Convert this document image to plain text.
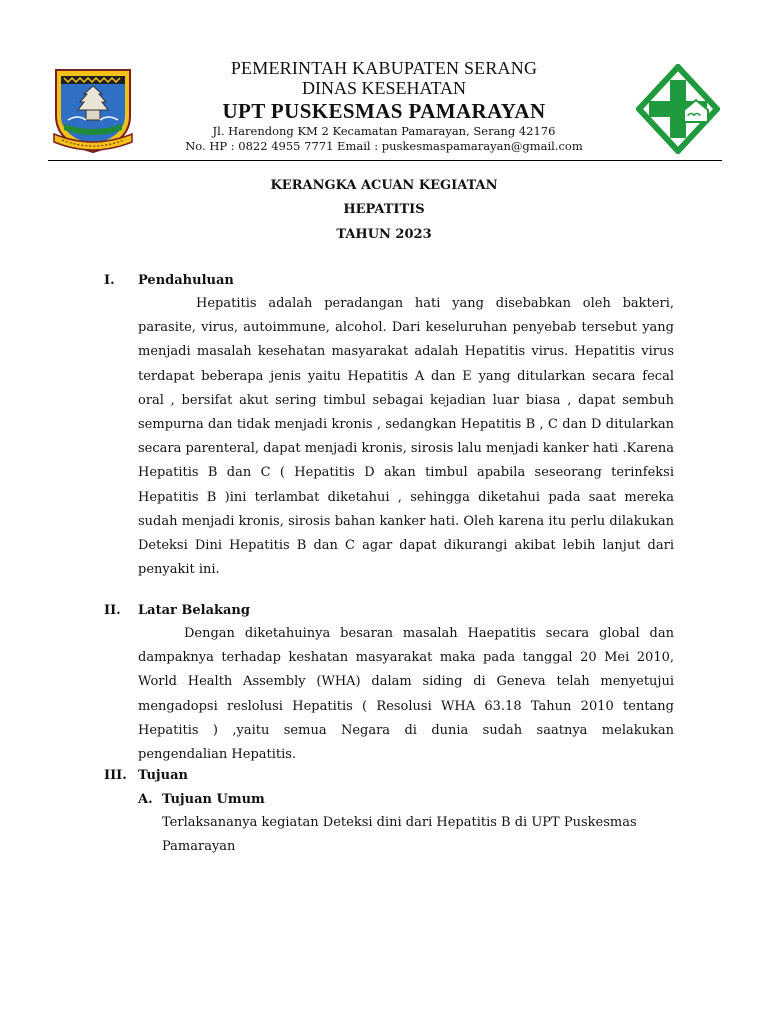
PEMERINTAH KABUPATEN SERANG
DINAS KESEHATAN
UPT PUSKESMAS PAMARAYAN
Jl. Harendong KM 2 Kecamatan Pamarayan, Serang 42176
No. HP : 0822 4955 7771 Email : puskesmaspamarayan@gmail.com
KERANGKA ACUAN KEGIATAN
HEPATITIS
TAHUN 2023
I. Pendahuluan

Hepatitis adalah peradangan hati yang disebabkan oleh bakteri, parasite, virus, autoimmune, alcohol. Dari keseluruhan penyebab tersebut yang menjadi masalah kesehatan masyarakat adalah Hepatitis virus. Hepatitis virus terdapat beberapa jenis yaitu Hepatitis A dan E yang ditularkan secara fecal oral , bersifat akut sering timbul sebagai kejadian luar biasa , dapat sembuh sempurna dan tidak menjadi kronis , sedangkan Hepatitis B , C dan D ditularkan secara parenteral, dapat menjadi kronis, sirosis lalu menjadi kanker hati .Karena Hepatitis B dan C ( Hepatitis D akan timbul apabila seseorang terinfeksi Hepatitis B )ini terlambat diketahui , sehingga diketahui pada saat mereka sudah menjadi kronis, sirosis bahan kanker hati. Oleh karena itu perlu dilakukan Deteksi Dini Hepatitis B dan C agar dapat dikurangi akibat lebih lanjut dari penyakit ini.

II. Latar Belakang

Dengan diketahuinya besaran masalah Haepatitis secara global dan dampaknya terhadap keshatan masyarakat maka pada tanggal 20 Mei 2010, World Health Assembly (WHA) dalam siding di Geneva telah menyetujui mengadopsi reslolusi Hepatitis ( Resolusi WHA 63.18 Tahun 2010 tentang Hepatitis ) ,yaitu semua Negara di dunia sudah saatnya melakukan pengendalian Hepatitis.

III. Tujuan
A. Tujuan Umum
Terlaksananya kegiatan Deteksi dini dari Hepatitis B di UPT Puskesmas Pamarayan
